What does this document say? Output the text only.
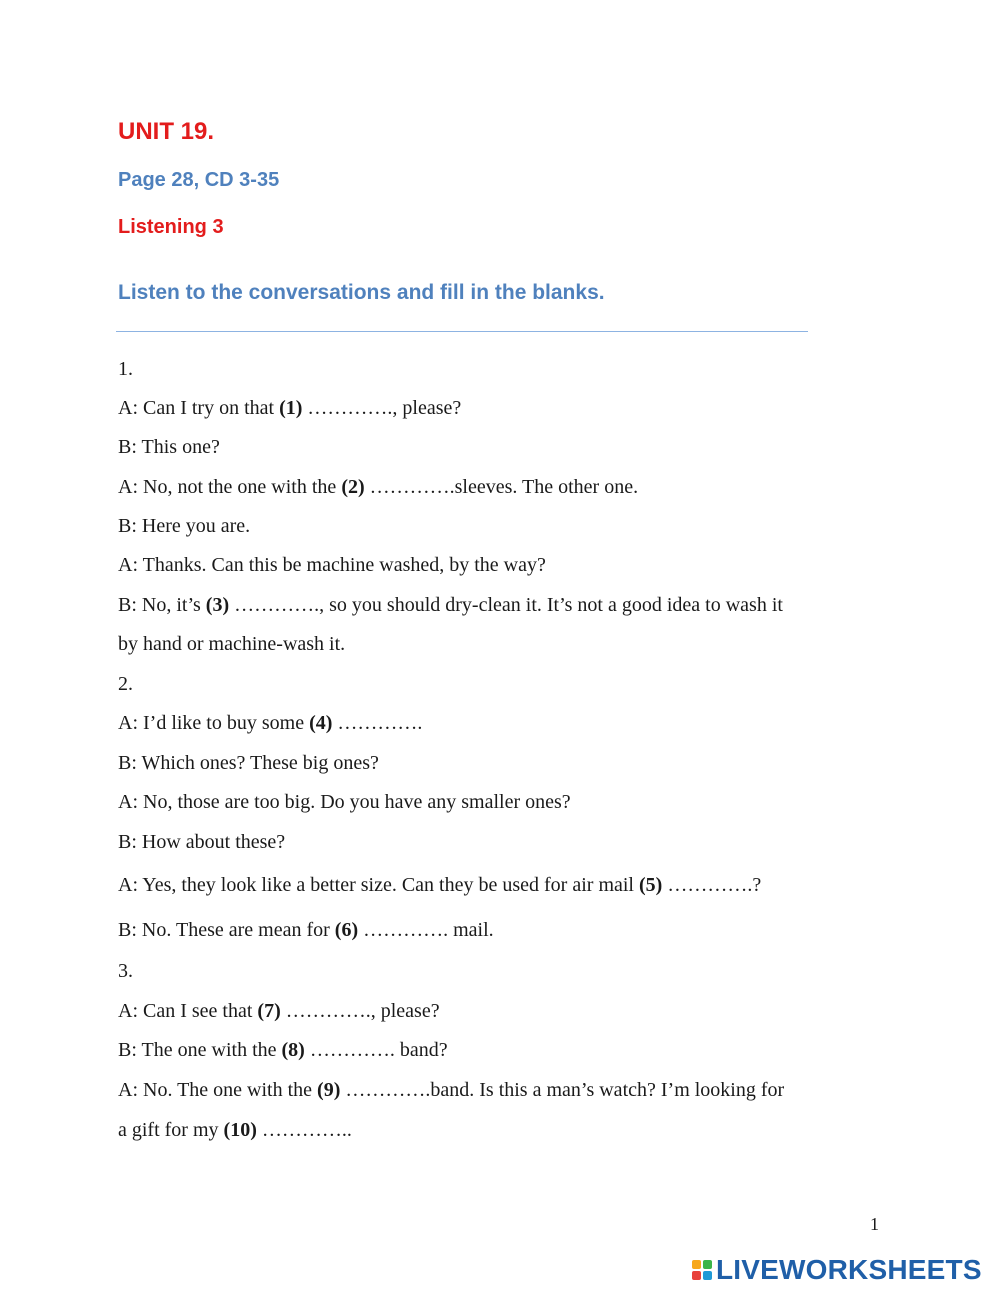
UNIT 19.
Page 28, CD 3-35
Listening 3
Listen to the conversations and fill in the blanks.
1.
A: Can I try on that (1) …………., please?
B: This one?
A: No, not the one with the (2) ………….sleeves. The other one.
B: Here you are.
A: Thanks. Can this be machine washed, by the way?
B: No, it’s (3) …………., so you should dry-clean it. It’s not a good idea to wash it
by hand or machine-wash it.
2.
A: I’d like to buy some (4) ………….
B: Which ones? These big ones?
A: No, those are too big. Do you have any smaller ones?
B: How about these?
A: Yes, they look like a better size. Can they be used for air mail (5) ………….?
B: No. These are mean for (6) …………. mail.
3.
A: Can I see that (7) …………., please?
B: The one with the (8) …………. band?
A: No. The one with the (9) ………….band. Is this a man’s watch? I’m looking for
a gift for my (10) …………..
1
LIVEWORKSHEETS
